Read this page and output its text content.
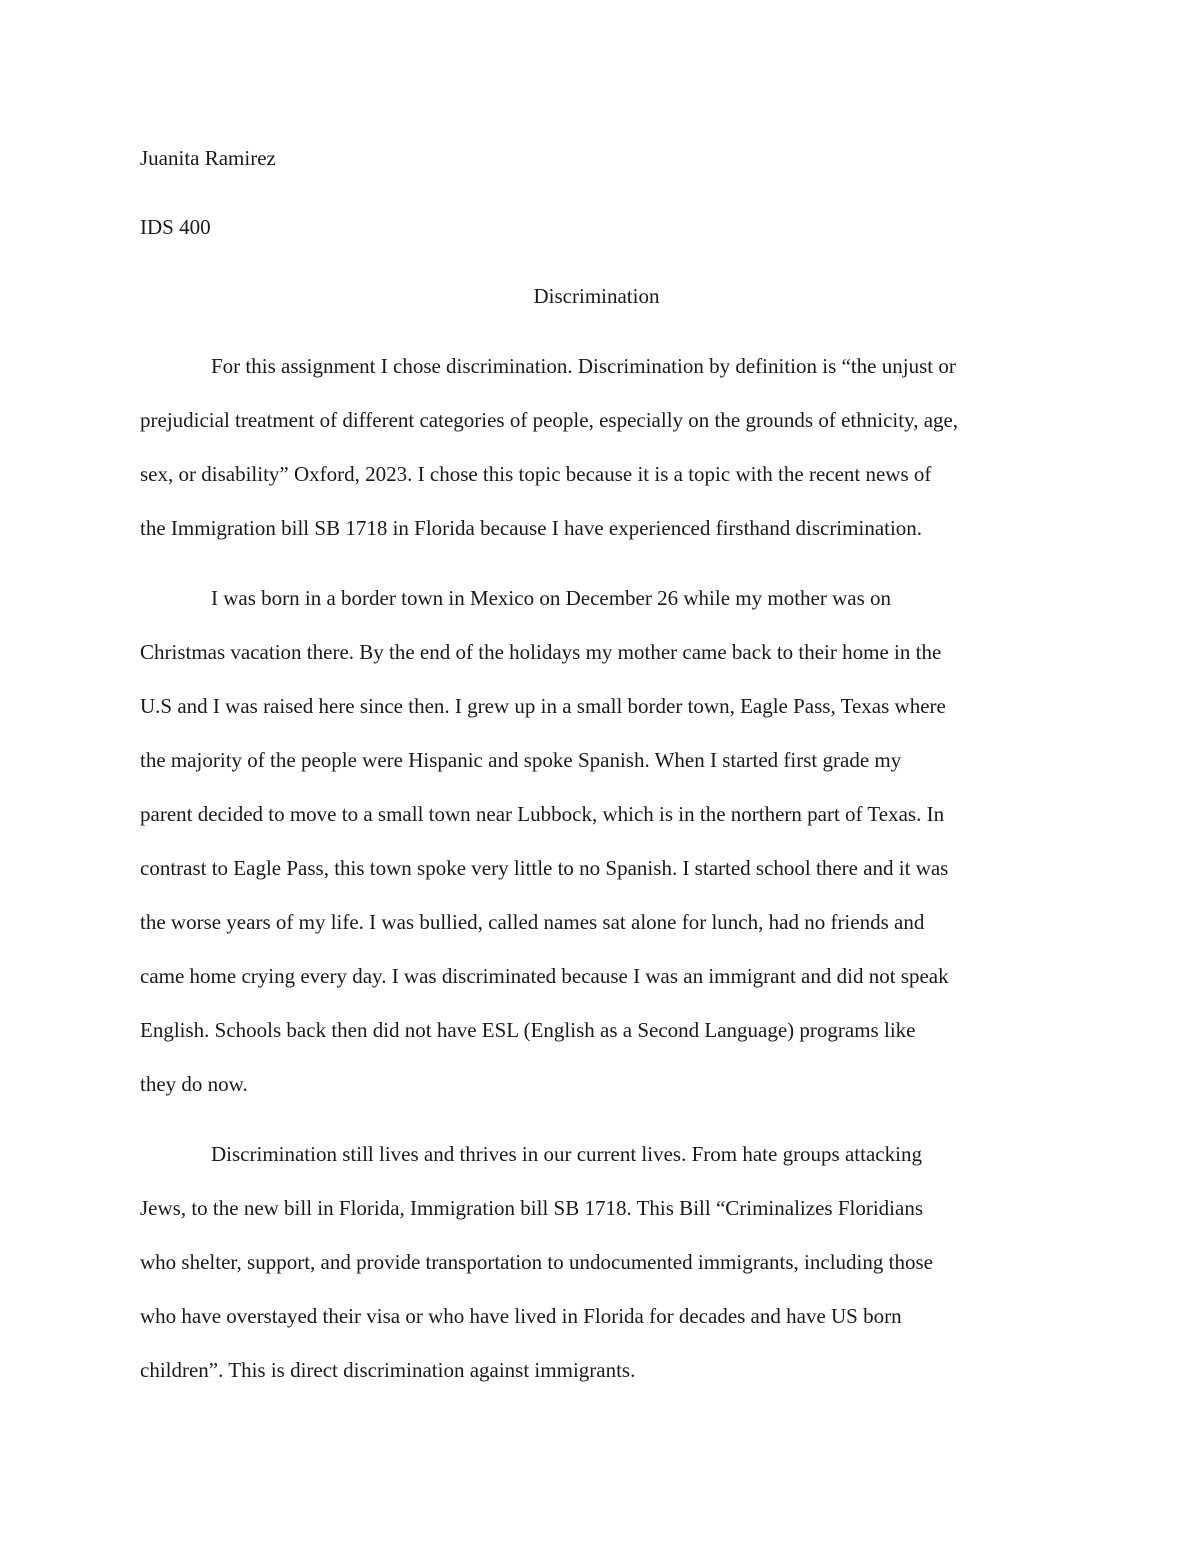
Juanita Ramirez
IDS 400
Discrimination
For this assignment I chose discrimination. Discrimination by definition is “the unjust or
prejudicial treatment of different categories of people, especially on the grounds of ethnicity, age,
sex, or disability” Oxford, 2023. I chose this topic because it is a topic with the recent news of
the Immigration bill SB 1718 in Florida because I have experienced firsthand discrimination.
I was born in a border town in Mexico on December 26 while my mother was on
Christmas vacation there. By the end of the holidays my mother came back to their home in the
U.S and I was raised here since then. I grew up in a small border town, Eagle Pass, Texas where
the majority of the people were Hispanic and spoke Spanish. When I started first grade my
parent decided to move to a small town near Lubbock, which is in the northern part of Texas. In
contrast to Eagle Pass, this town spoke very little to no Spanish. I started school there and it was
the worse years of my life. I was bullied, called names sat alone for lunch, had no friends and
came home crying every day. I was discriminated because I was an immigrant and did not speak
English. Schools back then did not have ESL (English as a Second Language) programs like
they do now.
Discrimination still lives and thrives in our current lives. From hate groups attacking
Jews, to the new bill in Florida, Immigration bill SB 1718. This Bill “Criminalizes Floridians
who shelter, support, and provide transportation to undocumented immigrants, including those
who have overstayed their visa or who have lived in Florida for decades and have US born
children”. This is direct discrimination against immigrants.
